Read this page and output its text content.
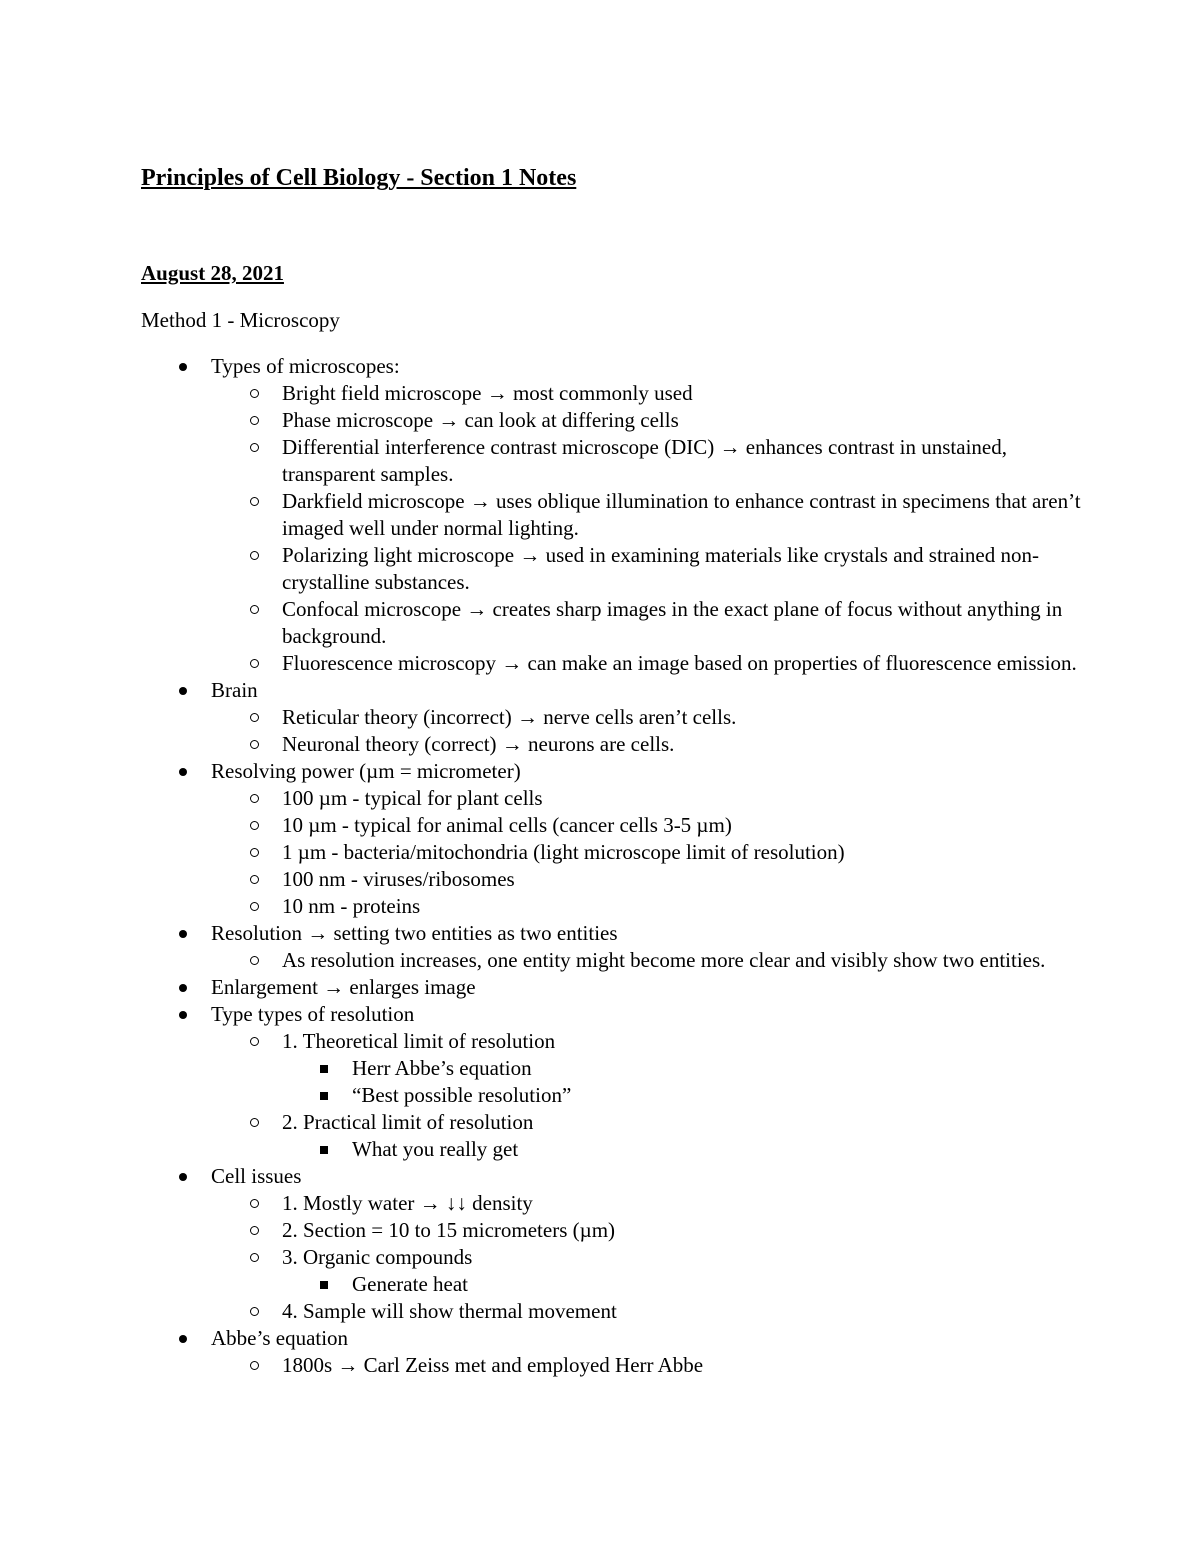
Principles of Cell Biology - Section 1 Notes
August 28, 2021
Method 1 - Microscopy
Types of microscopes:
Bright field microscope → most commonly used
Phase microscope → can look at differing cells
Differential interference contrast microscope (DIC) → enhances contrast in unstained, transparent samples.
Darkfield microscope → uses oblique illumination to enhance contrast in specimens that aren’t imaged well under normal lighting.
Polarizing light microscope → used in examining materials like crystals and strained non-crystalline substances.
Confocal microscope → creates sharp images in the exact plane of focus without anything in background.
Fluorescence microscopy → can make an image based on properties of fluorescence emission.
Brain
Reticular theory (incorrect) → nerve cells aren’t cells.
Neuronal theory (correct) → neurons are cells.
Resolving power (µm = micrometer)
100 µm - typical for plant cells
10 µm - typical for animal cells (cancer cells 3-5 µm)
1 µm - bacteria/mitochondria (light microscope limit of resolution)
100 nm - viruses/ribosomes
10 nm - proteins
Resolution → setting two entities as two entities
As resolution increases, one entity might become more clear and visibly show two entities.
Enlargement → enlarges image
Type types of resolution
1. Theoretical limit of resolution
Herr Abbe’s equation
“Best possible resolution”
2. Practical limit of resolution
What you really get
Cell issues
1. Mostly water → ↓↓ density
2. Section = 10 to 15 micrometers (µm)
3. Organic compounds
Generate heat
4. Sample will show thermal movement
Abbe’s equation
1800s → Carl Zeiss met and employed Herr Abbe
